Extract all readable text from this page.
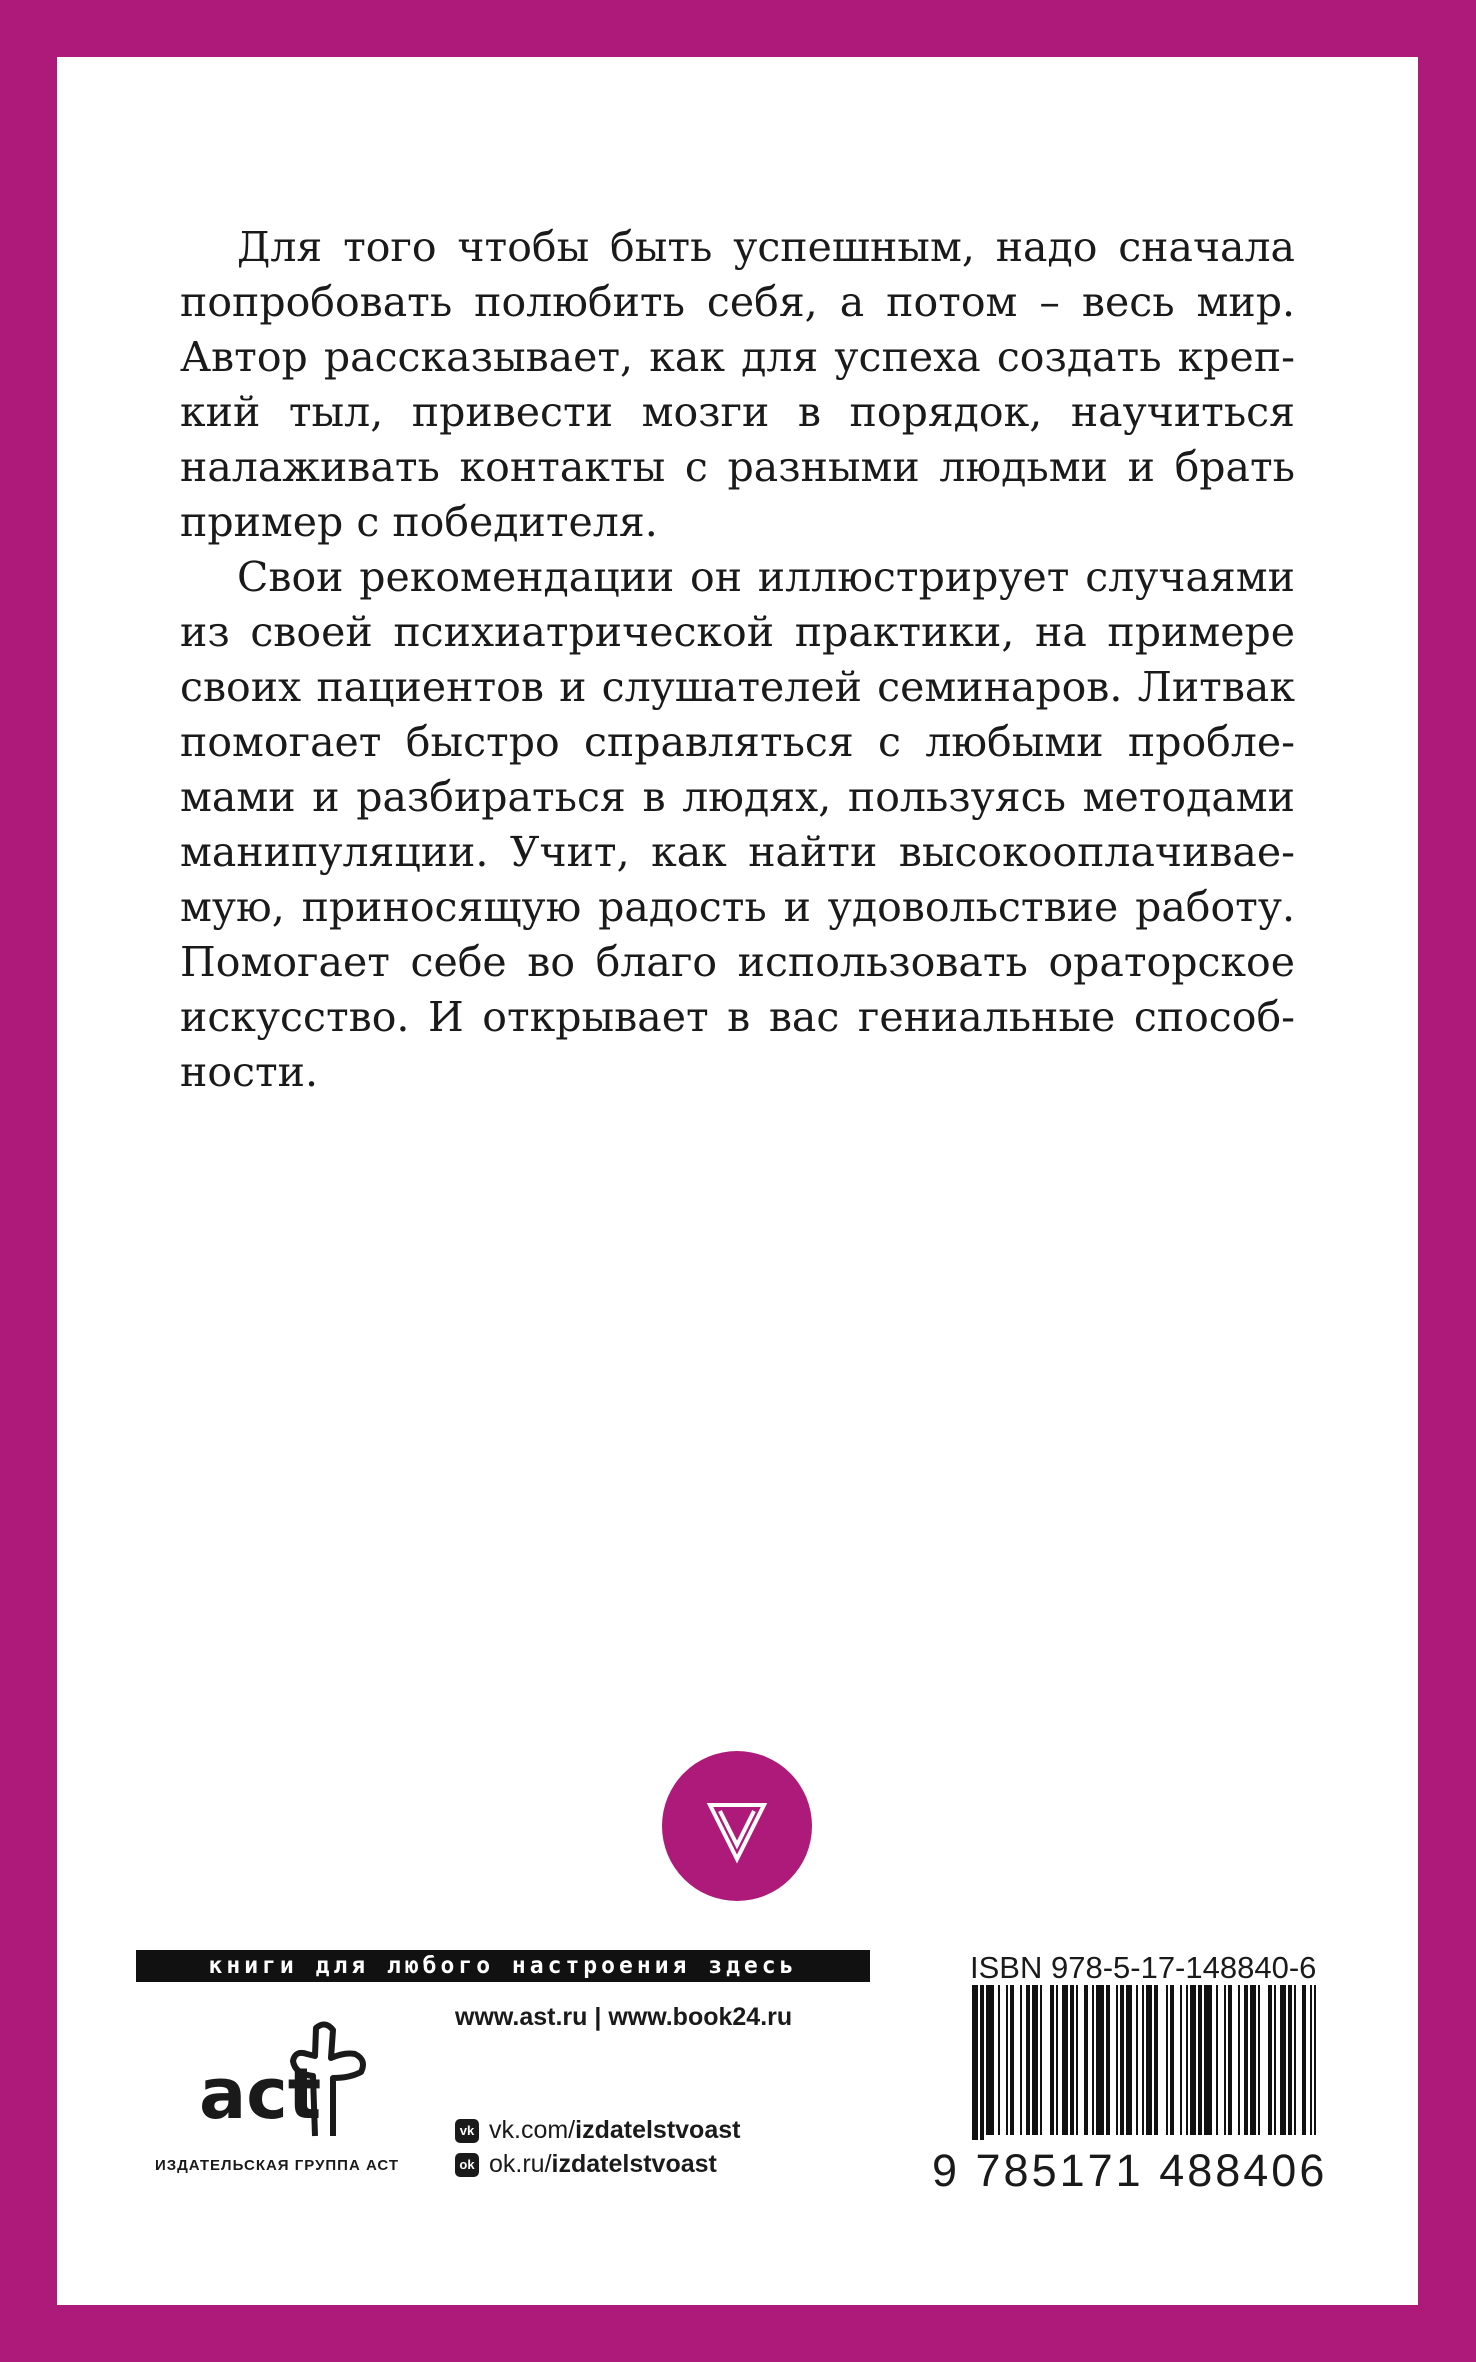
Для того чтобы быть успешным, надо сначала попробовать полюбить себя, а потом – весь мир. Автор рассказывает, как для успеха создать креп-кий тыл, привести мозги в порядок, научиться налаживать контакты с разными людьми и брать пример с победителя.

Свои рекомендации он иллюстрирует случаями из своей психиатрической практики, на примере своих пациентов и слушателей семинаров. Литвак помогает быстро справляться с любыми пробле-мами и разбираться в людях, пользуясь методами манипуляции. Учит, как найти высокооплачивае-мую, приносящую радость и удовольствие работу. Помогает себе во благо использовать ораторское искусство. И открывает в вас гениальные способ-ности.

книги для любого настроения здесь
www.ast.ru | www.book24.ru
act
ИЗДАТЕЛЬСКАЯ ГРУППА АСТ
vk vk.com/ izdatelstvoast
ok ok.ru/ izdatelstvoast
ISBN 978-5-17-148840-6
9 785171 488406
